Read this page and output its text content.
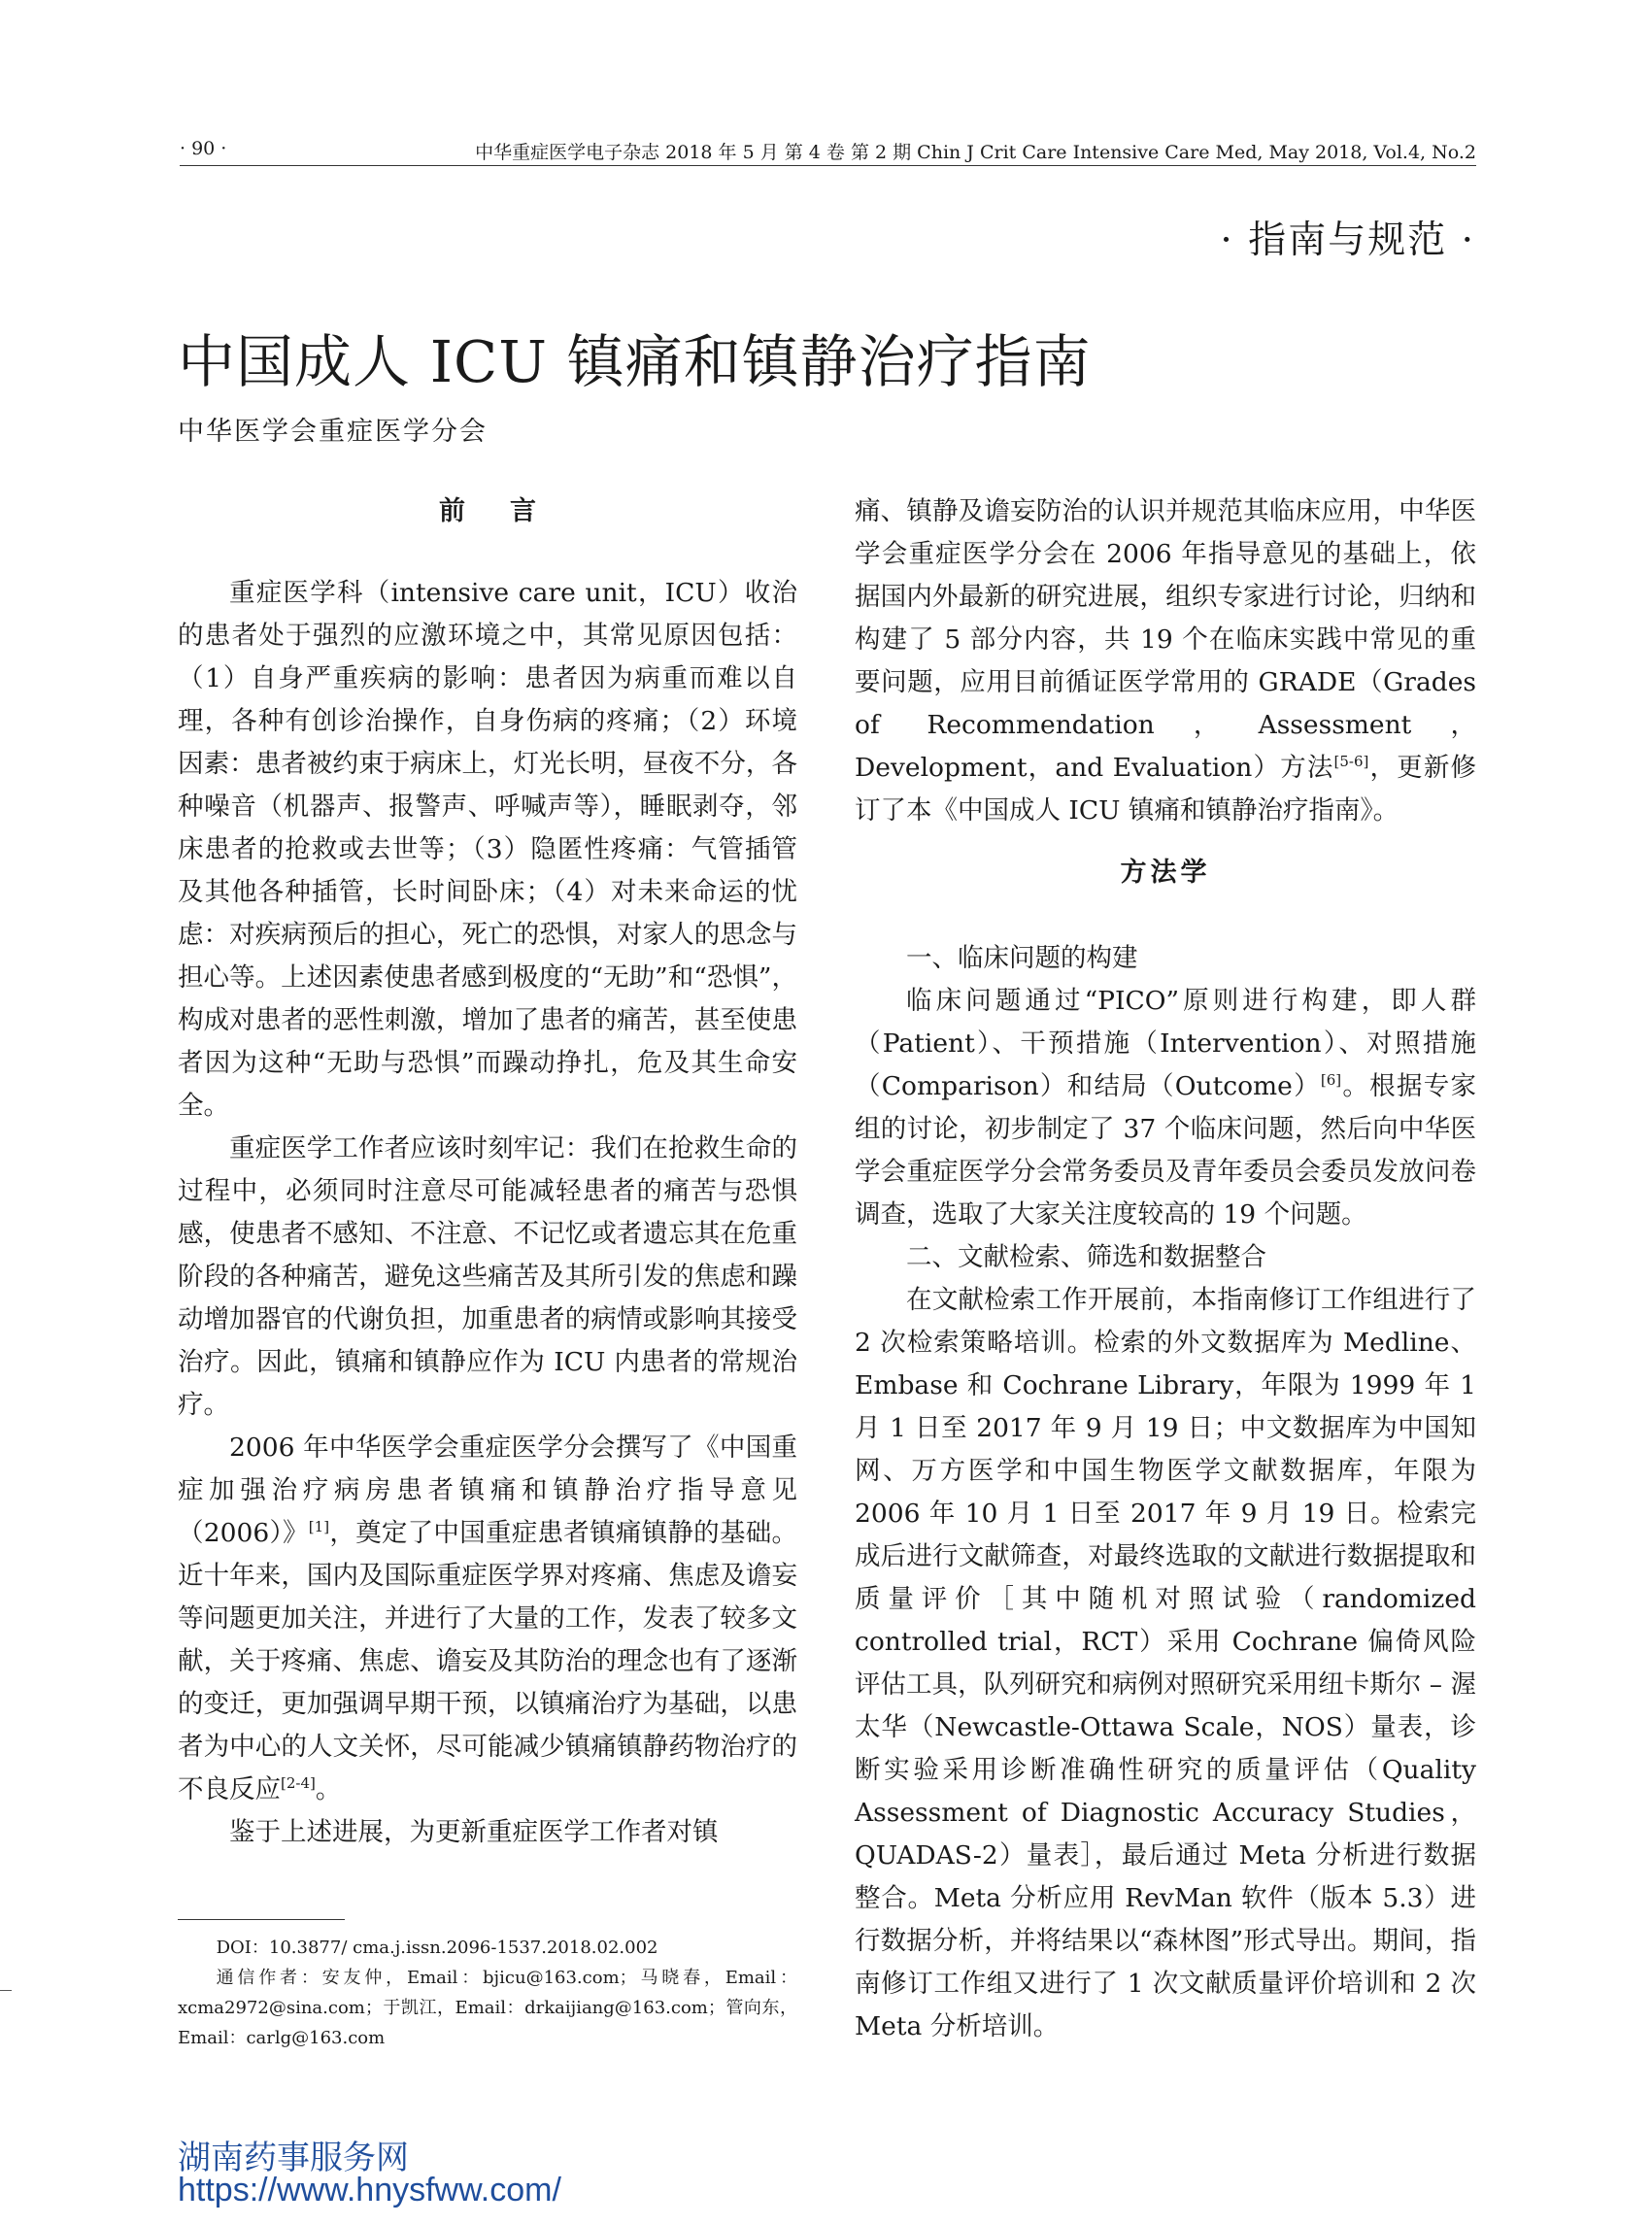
· 90 ·	中华重症医学电子杂志 2018 年 5 月 第 4 卷 第 2 期 Chin J Crit Care Intensive Care Med, May 2018, Vol.4, No.2
· 指南与规范 ·
中国成人 ICU 镇痛和镇静治疗指南
中华医学会重症医学分会
前言

重症医学科（intensive care unit，ICU）收治的患者处于强烈的应激环境之中，其常见原因包括：（1）自身严重疾病的影响：患者因为病重而难以自理，各种有创诊治操作，自身伤病的疼痛；（2）环境因素：患者被约束于病床上，灯光长明，昼夜不分，各种噪音（机器声、报警声、呼喊声等），睡眠剥夺，邻床患者的抢救或去世等；（3）隐匿性疼痛：气管插管及其他各种插管，长时间卧床；（4）对未来命运的忧虑：对疾病预后的担心，死亡的恐惧，对家人的思念与担心等。上述因素使患者感到极度的“无助”和“恐惧”，构成对患者的恶性刺激，增加了患者的痛苦，甚至使患者因为这种“无助与恐惧”而躁动挣扎，危及其生命安全。

重症医学工作者应该时刻牢记：我们在抢救生命的过程中，必须同时注意尽可能减轻患者的痛苦与恐惧感，使患者不感知、不注意、不记忆或者遗忘其在危重阶段的各种痛苦，避免这些痛苦及其所引发的焦虑和躁动增加器官的代谢负担，加重患者的病情或影响其接受治疗。因此，镇痛和镇静应作为 ICU 内患者的常规治疗。

2006 年中华医学会重症医学分会撰写了《中国重症加强治疗病房患者镇痛和镇静治疗指导意见（2006）》[1]，奠定了中国重症患者镇痛镇静的基础。近十年来，国内及国际重症医学界对疼痛、焦虑及谵妄等问题更加关注，并进行了大量的工作，发表了较多文献，关于疼痛、焦虑、谵妄及其防治的理念也有了逐渐的变迁，更加强调早期干预，以镇痛治疗为基础，以患者为中心的人文关怀，尽可能减少镇痛镇静药物治疗的不良反应[2-4]。

鉴于上述进展，为更新重症医学工作者对镇

痛、镇静及谵妄防治的认识并规范其临床应用，中华医学会重症医学分会在 2006 年指导意见的基础上，依据国内外最新的研究进展，组织专家进行讨论，归纳和构建了 5 部分内容，共 19 个在临床实践中常见的重要问题，应用目前循证医学常用的 GRADE（Grades of Recommendation，Assessment，Development，and Evaluation）方法[5-6]，更新修订了本《中国成人 ICU 镇痛和镇静治疗指南》。

方法学
一、临床问题的构建

临床问题通过“PICO”原则进行构建，即人群（Patient）、干预措施（Intervention）、对照措施（Comparison）和结局（Outcome）[6]。根据专家组的讨论，初步制定了 37 个临床问题，然后向中华医学会重症医学分会常务委员及青年委员会委员发放问卷调查，选取了大家关注度较高的 19 个问题。

二、文献检索、筛选和数据整合

在文献检索工作开展前，本指南修订工作组进行了 2 次检索策略培训。检索的外文数据库为 Medline、Embase 和 Cochrane Library，年限为 1999 年 1 月 1 日至 2017 年 9 月 19 日；中文数据库为中国知网、万方医学和中国生物医学文献数据库，年限为 2006 年 10 月 1 日至 2017 年 9 月 19 日。检索完成后进行文献筛查，对最终选取的文献进行数据提取和质量评价［其中随机对照试验（randomized controlled trial，RCT）采用 Cochrane 偏倚风险评估工具，队列研究和病例对照研究采用纽卡斯尔 – 渥太华（Newcastle-Ottawa Scale，NOS）量表，诊断实验采用诊断准确性研究的质量评估（Quality Assessment of Diagnostic Accuracy Studies，QUADAS-2）量表］，最后通过 Meta 分析进行数据整合。Meta 分析应用 RevMan 软件（版本 5.3）进行数据分析，并将结果以“森林图”形式导出。期间，指南修订工作组又进行了 1 次文献质量评价培训和 2 次 Meta 分析培训。

DOI：10.3877/ cma.j.issn.2096-1537.2018.02.002

通信作者：安友仲，Email：bjicu@163.com；马晓春，Email：xcma2972@sina.com；于凯江，Email：drkaijiang@163.com；管向东，Email：carlg@163.com

湖南药事服务网
https://www.hnysfww.com/
